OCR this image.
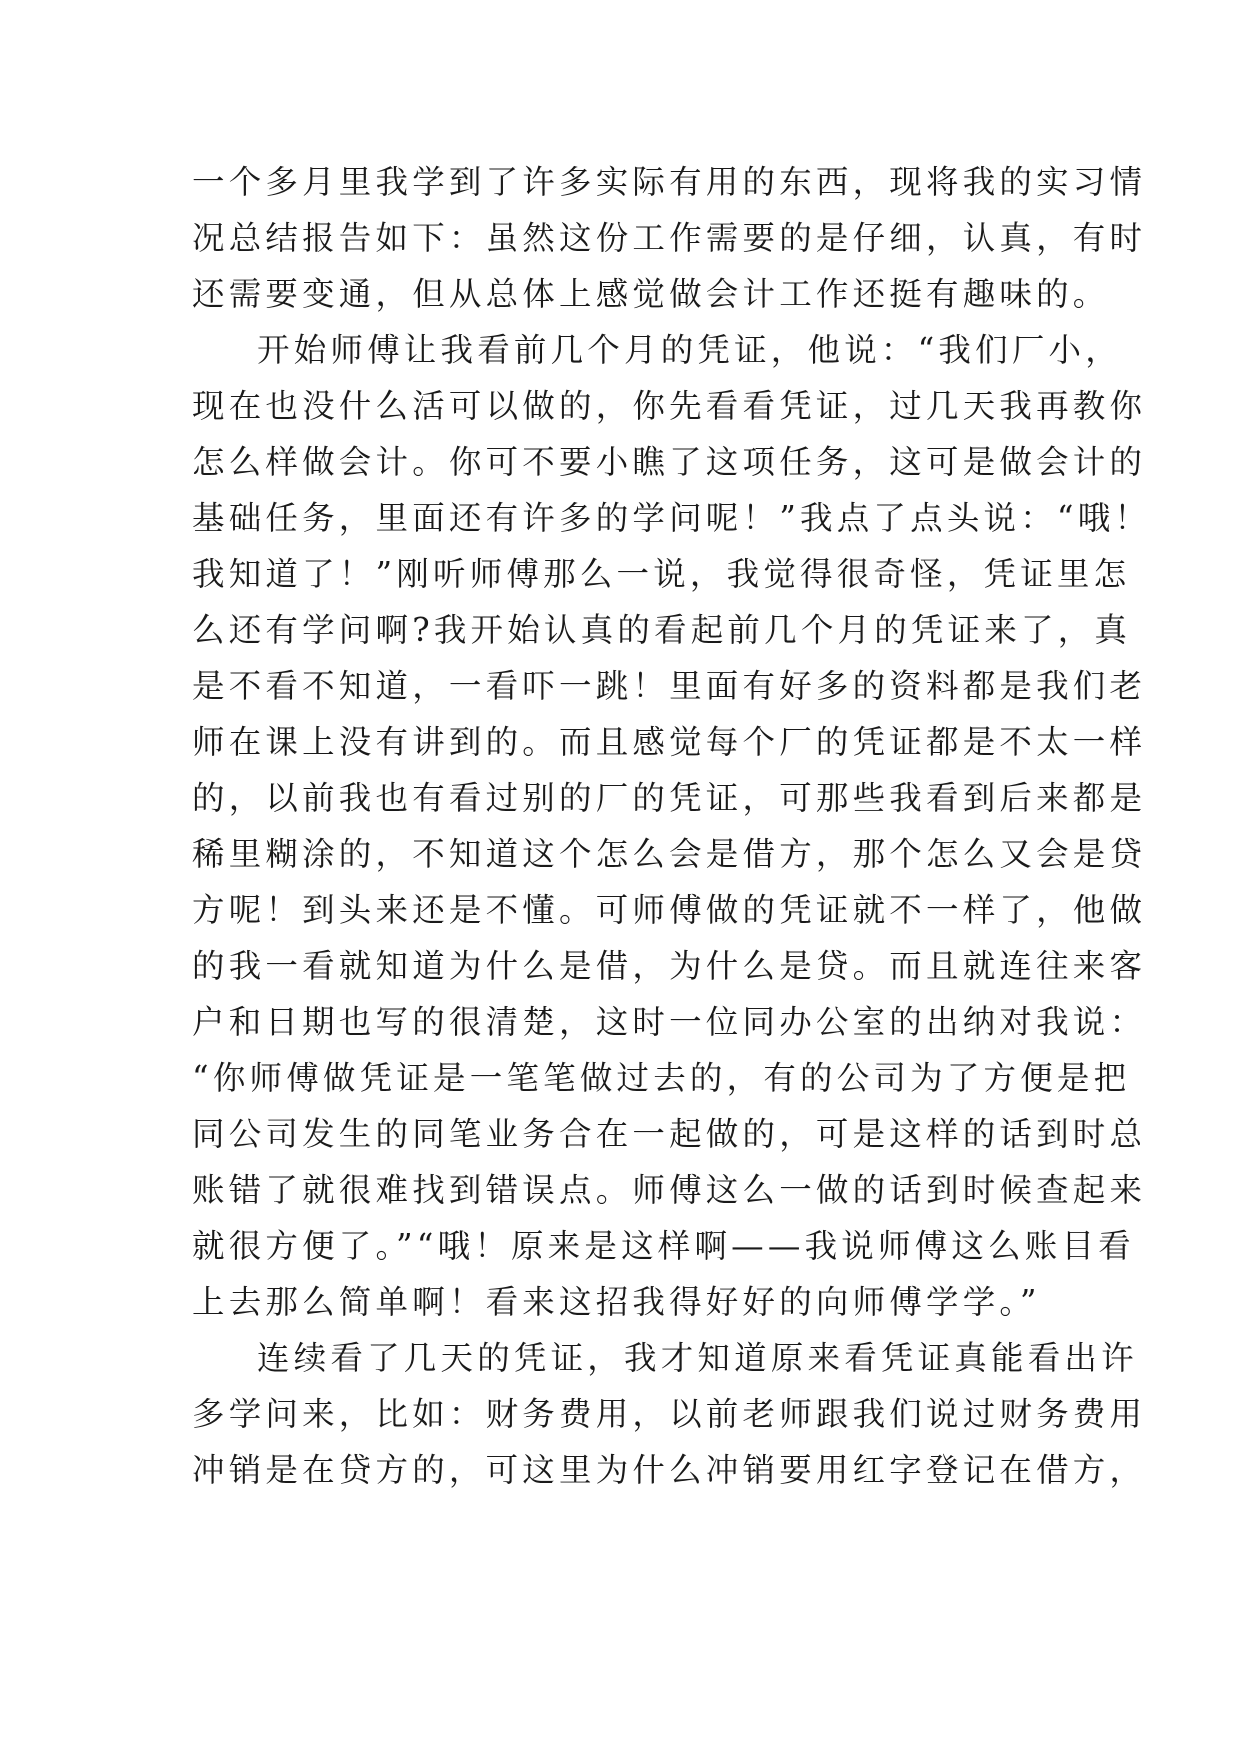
一个多月里我学到了许多实际有用的东西，现将我的实习情
况总结报告如下：虽然这份工作需要的是仔细，认真，有时
还需要变通，但从总体上感觉做会计工作还挺有趣味的。
开始师傅让我看前几个月的凭证，他说：“我们厂小，
现在也没什么活可以做的，你先看看凭证，过几天我再教你
怎么样做会计。你可不要小瞧了这项任务，这可是做会计的
基础任务，里面还有许多的学问呢！”我点了点头说：“哦！
我知道了！”刚听师傅那么一说，我觉得很奇怪，凭证里怎
么还有学问啊?我开始认真的看起前几个月的凭证来了，真
是不看不知道，一看吓一跳！里面有好多的资料都是我们老
师在课上没有讲到的。而且感觉每个厂的凭证都是不太一样
的，以前我也有看过别的厂的凭证，可那些我看到后来都是
稀里糊涂的，不知道这个怎么会是借方，那个怎么又会是贷
方呢！到头来还是不懂。可师傅做的凭证就不一样了，他做
的我一看就知道为什么是借，为什么是贷。而且就连往来客
户和日期也写的很清楚，这时一位同办公室的出纳对我说：
“你师傅做凭证是一笔笔做过去的，有的公司为了方便是把
同公司发生的同笔业务合在一起做的，可是这样的话到时总
账错了就很难找到错误点。师傅这么一做的话到时候查起来
就很方便了。”“哦！原来是这样啊——我说师傅这么账目看
上去那么简单啊！看来这招我得好好的向师傅学学。”
连续看了几天的凭证，我才知道原来看凭证真能看出许
多学问来，比如：财务费用，以前老师跟我们说过财务费用
冲销是在贷方的，可这里为什么冲销要用红字登记在借方，
